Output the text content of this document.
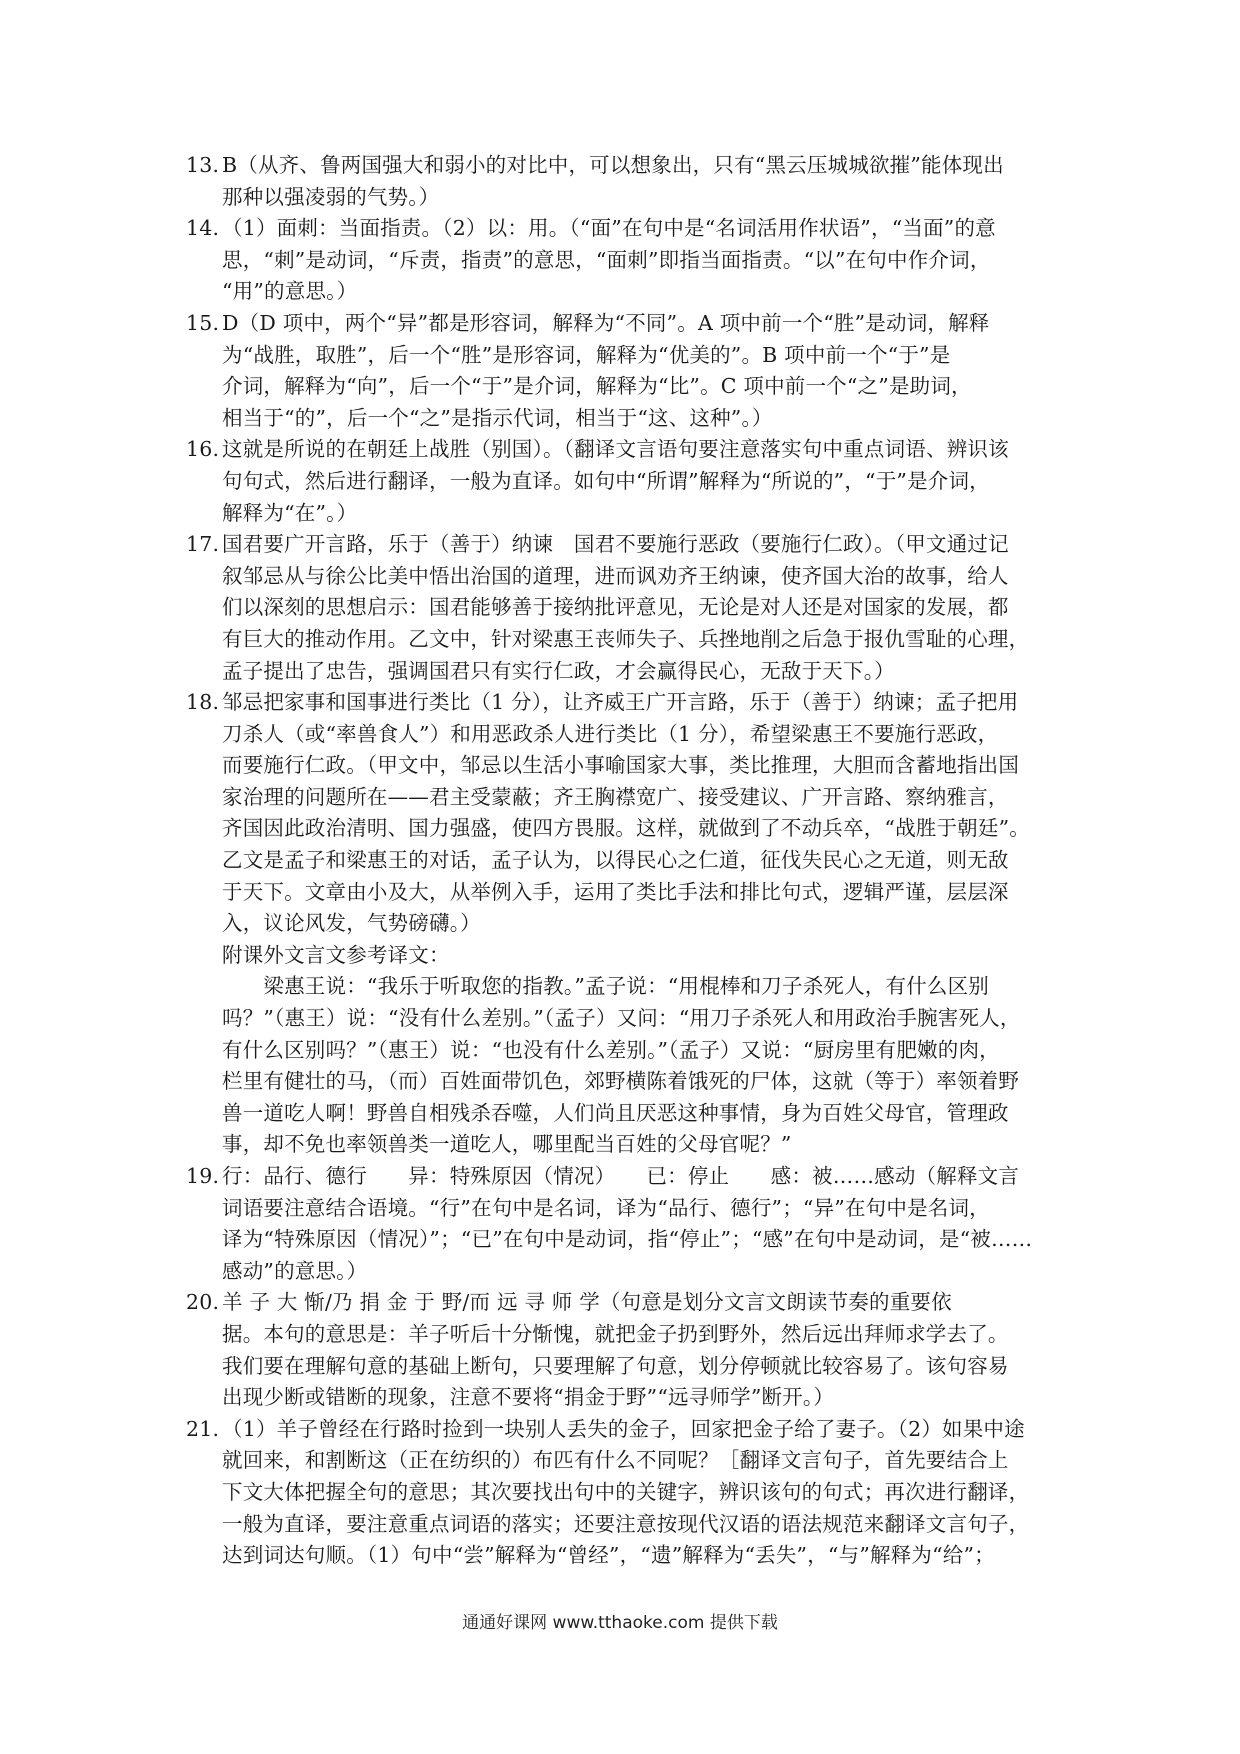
13. B（从齐、鲁两国强大和弱小的对比中，可以想象出，只有“黑云压城城欲摧”能体现出
那种以强凌弱的气势。）
14. （1）面刺：当面指责。（2）以：用。（“面”在句中是“名词活用作状语”，“当面”的意
思，“刺”是动词，“斥责，指责”的意思，“面刺”即指当面指责。“以”在句中作介词，
“用”的意思。）
15. D（D 项中，两个“异”都是形容词，解释为“不同”。A 项中前一个“胜”是动词，解释
为“战胜，取胜”，后一个“胜”是形容词，解释为“优美的”。B 项中前一个“于”是
介词，解释为“向”，后一个“于”是介词，解释为“比”。C 项中前一个“之”是助词，
相当于“的”，后一个“之”是指示代词，相当于“这、这种”。）
16. 这就是所说的在朝廷上战胜（别国）。（翻译文言语句要注意落实句中重点词语、辨识该
句句式，然后进行翻译，一般为直译。如句中“所谓”解释为“所说的”，“于”是介词，
解释为“在”。）
17. 国君要广开言路，乐于（善于）纳谏　国君不要施行恶政（要施行仁政）。（甲文通过记
叙邹忌从与徐公比美中悟出治国的道理，进而讽劝齐王纳谏，使齐国大治的故事，给人
们以深刻的思想启示：国君能够善于接纳批评意见，无论是对人还是对国家的发展，都
有巨大的推动作用。乙文中，针对梁惠王丧师失子、兵挫地削之后急于报仇雪耻的心理，
孟子提出了忠告，强调国君只有实行仁政，才会赢得民心，无敌于天下。）
18. 邹忌把家事和国事进行类比（1 分），让齐威王广开言路，乐于（善于）纳谏；孟子把用
刀杀人（或“率兽食人”）和用恶政杀人进行类比（1 分），希望梁惠王不要施行恶政，
而要施行仁政。（甲文中，邹忌以生活小事喻国家大事，类比推理，大胆而含蓄地指出国
家治理的问题所在——君主受蒙蔽；齐王胸襟宽广、接受建议、广开言路、察纳雅言，
齐国因此政治清明、国力强盛，使四方畏服。这样，就做到了不动兵卒，“战胜于朝廷”。
乙文是孟子和梁惠王的对话，孟子认为，以得民心之仁道，征伐失民心之无道，则无敌
于天下。文章由小及大，从举例入手，运用了类比手法和排比句式，逻辑严谨，层层深
入，议论风发，气势磅礴。）
附课外文言文参考译文：
　　梁惠王说：“我乐于听取您的指教。”孟子说：“用棍棒和刀子杀死人，有什么区别
吗？”（惠王）说：“没有什么差别。”（孟子）又问：“用刀子杀死人和用政治手腕害死人，
有什么区别吗？”（惠王）说：“也没有什么差别。”（孟子）又说：“厨房里有肥嫩的肉，
栏里有健壮的马，（而）百姓面带饥色，郊野横陈着饿死的尸体，这就（等于）率领着野
兽一道吃人啊！野兽自相残杀吞噬，人们尚且厌恶这种事情，身为百姓父母官，管理政
事，却不免也率领兽类一道吃人，哪里配当百姓的父母官呢？”
19. 行：品行、德行　　异：特殊原因（情况）　　已：停止　　感：被……感动（解释文言
词语要注意结合语境。“行”在句中是名词，译为“品行、德行”；“异”在句中是名词，
译为“特殊原因（情况）”；“已”在句中是动词，指“停止”；“感”在句中是动词，是“被……
感动”的意思。）
20. 羊 子 大 惭/乃 捐 金 于 野/而 远 寻 师 学（句意是划分文言文朗读节奏的重要依
据。本句的意思是：羊子听后十分惭愧，就把金子扔到野外，然后远出拜师求学去了。
我们要在理解句意的基础上断句，只要理解了句意，划分停顿就比较容易了。该句容易
出现少断或错断的现象，注意不要将“捐金于野”“远寻师学”断开。）
21. （1）羊子曾经在行路时捡到一块别人丢失的金子，回家把金子给了妻子。（2）如果中途
就回来，和割断这（正在纺织的）布匹有什么不同呢？［翻译文言句子，首先要结合上
下文大体把握全句的意思；其次要找出句中的关键字，辨识该句的句式；再次进行翻译，
一般为直译，要注意重点词语的落实；还要注意按现代汉语的语法规范来翻译文言句子，
达到词达句顺。（1）句中“尝”解释为“曾经”，“遗”解释为“丢失”，“与”解释为“给”；
通通好课网 www.tthaoke.com 提供下载
